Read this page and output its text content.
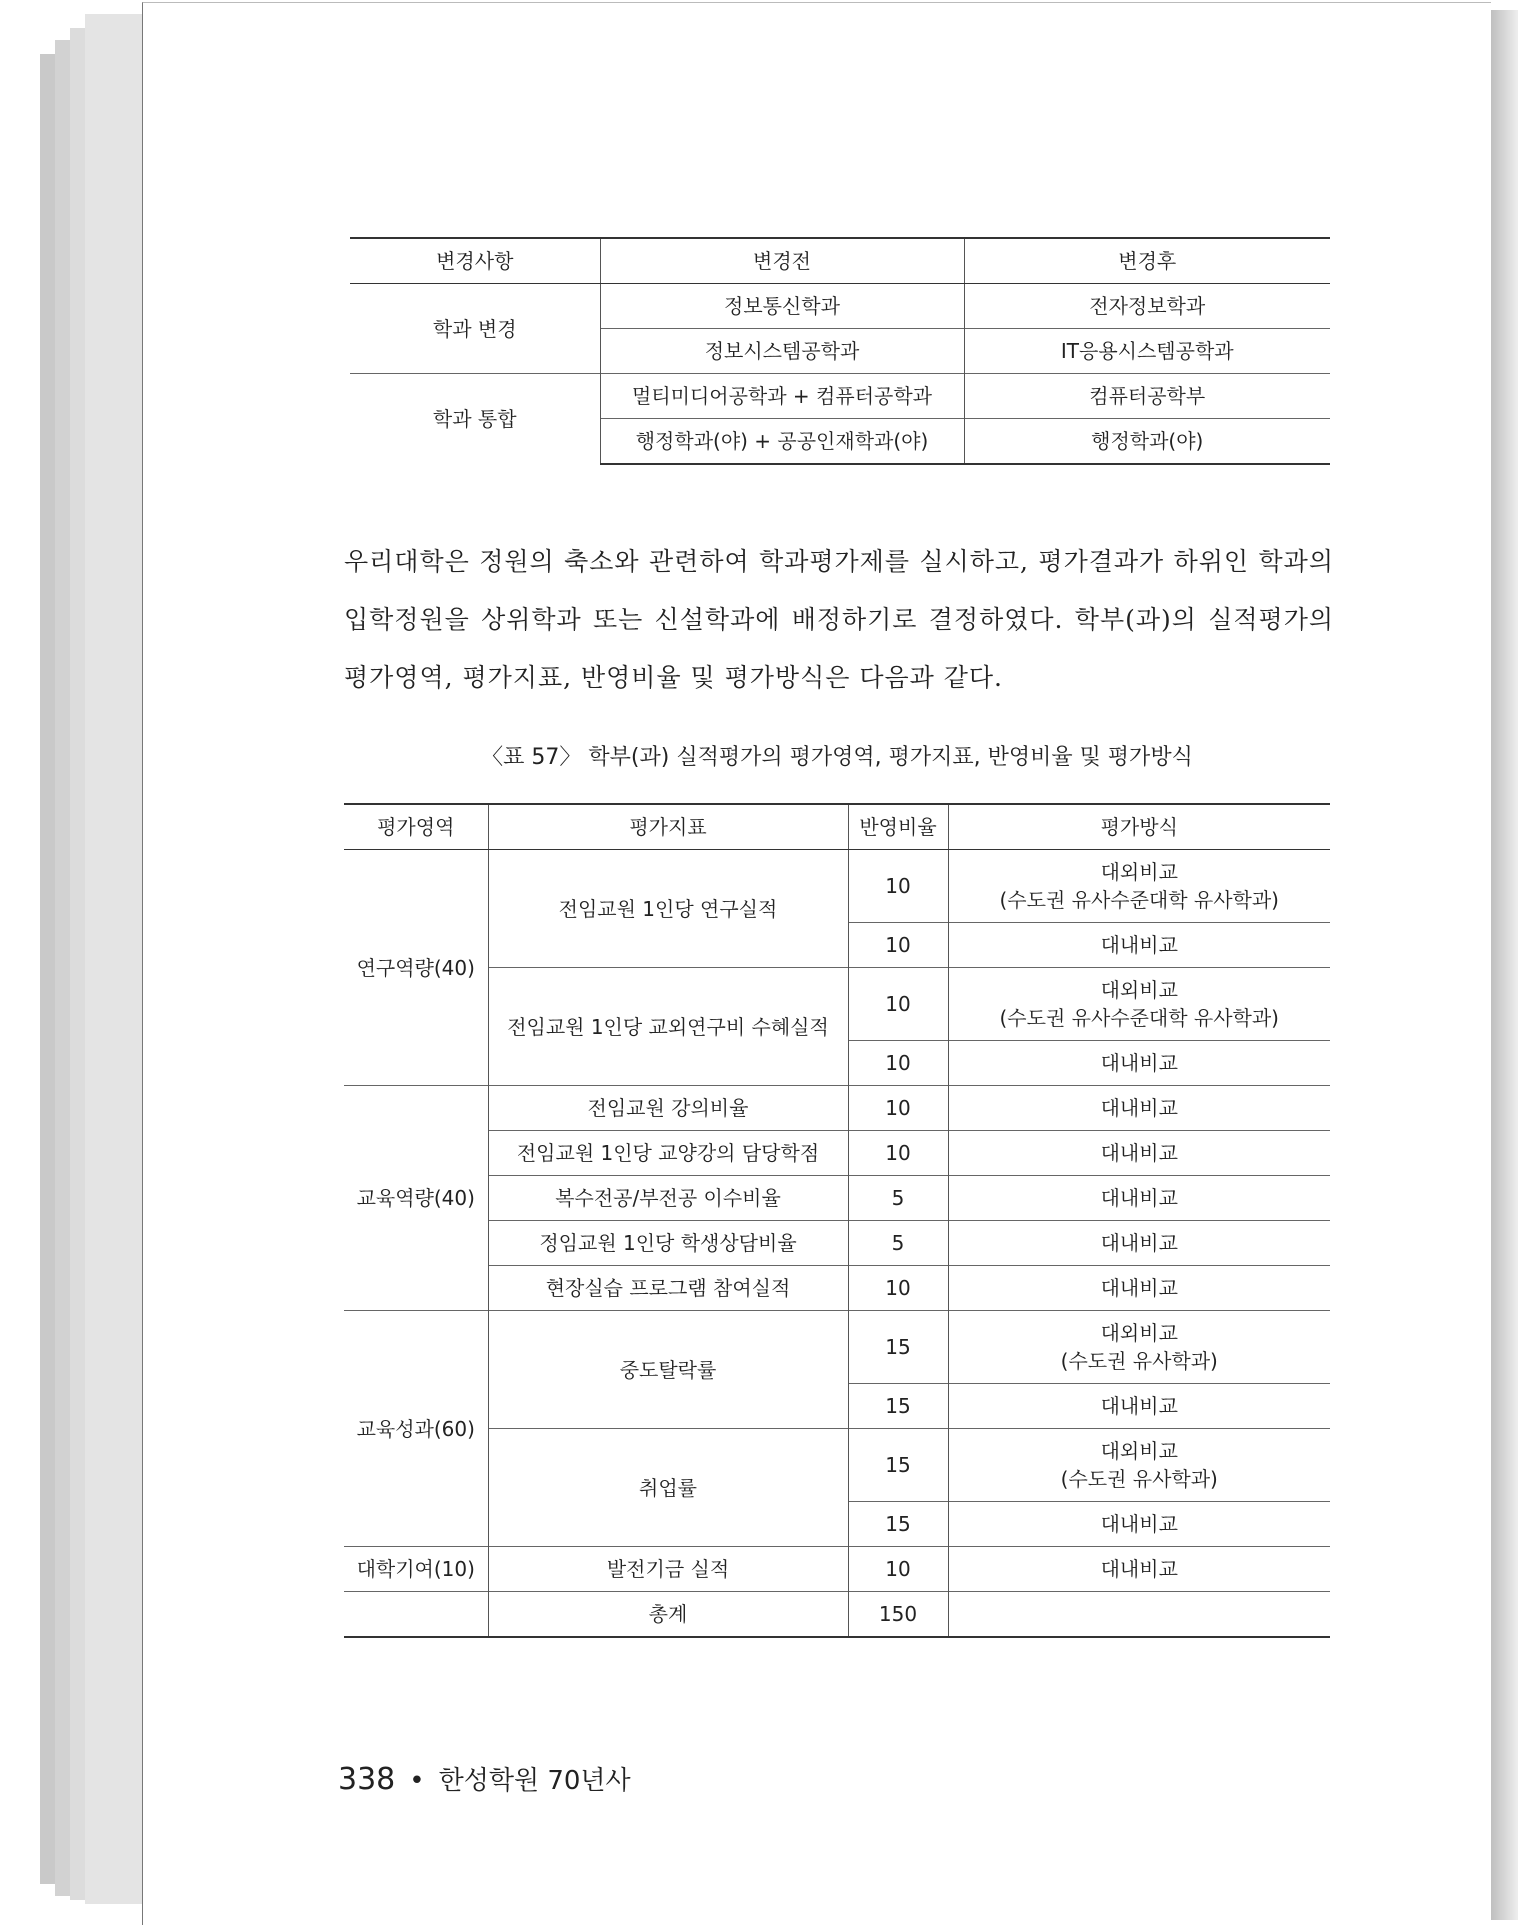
변경사항	변경전	변경후
학과 변경	정보통신학과	전자정보학과
	정보시스템공학과	IT응용시스템공학과
학과 통합	멀티미디어공학과 + 컴퓨터공학과	컴퓨터공학부
	행정학과(야) + 공공인재학과(야)	행정학과(야)
우리대학은 정원의 축소와 관련하여 학과평가제를 실시하고, 평가결과가 하위인 학과의 입학정원을 상위학과 또는 신설학과에 배정하기로 결정하였다. 학부(과)의 실적평가의 평가영역, 평가지표, 반영비율 및 평가방식은 다음과 같다.
〈표 57〉 학부(과) 실적평가의 평가영역, 평가지표, 반영비율 및 평가방식
평가영역	평가지표	반영비율	평가방식
연구역량(40)	전임교원 1인당 연구실적	10	대외비교
(수도권 유사수준대학 유사학과)

		10	대내비교
	전임교원 1인당 교외연구비 수혜실적	10	대외비교
(수도권 유사수준대학 유사학과)

		10	대내비교
교육역량(40)	전임교원 강의비율	10	대내비교
	전임교원 1인당 교양강의 담당학점	10	대내비교
	복수전공/부전공 이수비율	5	대내비교
	정임교원 1인당 학생상담비율	5	대내비교
	현장실습 프로그램 참여실적	10	대내비교
교육성과(60)	중도탈락률	15	대외비교
(수도권 유사학과)

		15	대내비교
	취업률	15	대외비교
(수도권 유사학과)

		15	대내비교
대학기여(10)	발전기금 실적	10	대내비교
	총계	150	
338 • 한성학원 70년사
